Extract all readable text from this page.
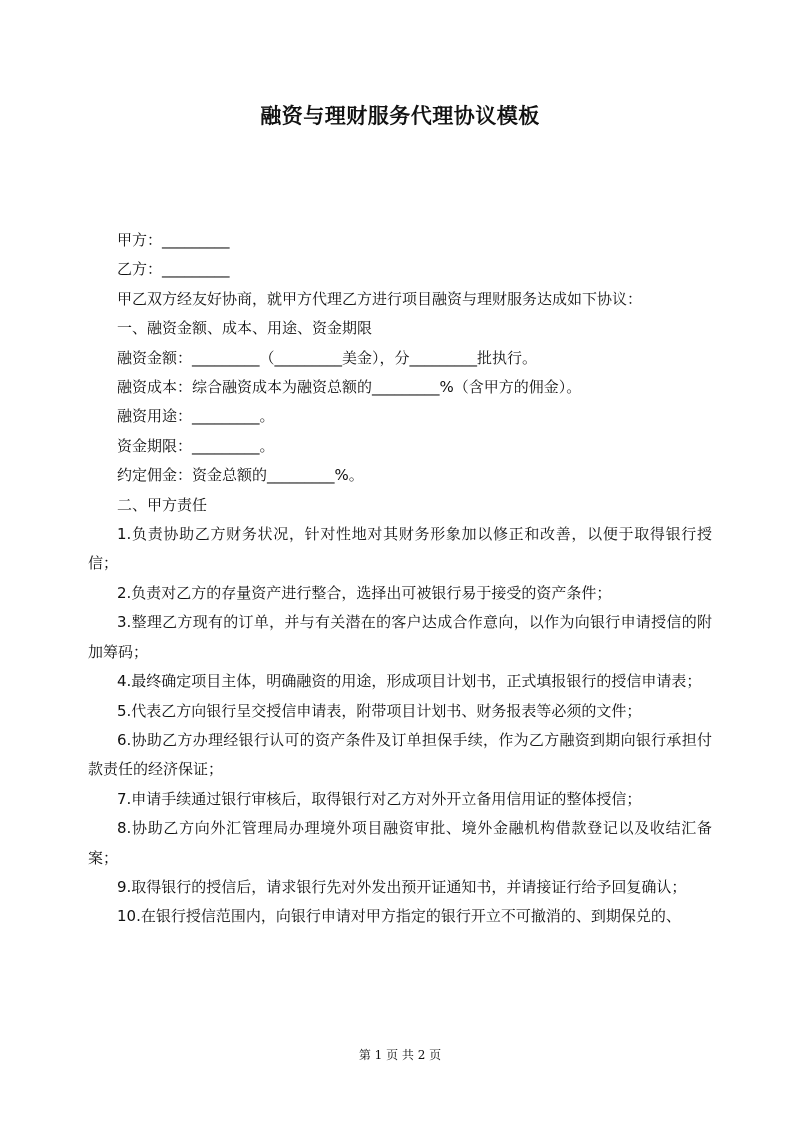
融资与理财服务代理协议模板

甲方：_________

乙方：_________

甲乙双方经友好协商，就甲方代理乙方进行项目融资与理财服务达成如下协议：

一、融资金额、成本、用途、资金期限

融资金额：_________（_________美金），分_________批执行。

融资成本：综合融资成本为融资总额的_________%（含甲方的佣金）。

融资用途：_________。

资金期限：_________。

约定佣金：资金总额的_________%。

二、甲方责任

1.负责协助乙方财务状况，针对性地对其财务形象加以修正和改善，以便于取得银行授信；

2.负责对乙方的存量资产进行整合，选择出可被银行易于接受的资产条件；

3.整理乙方现有的订单，并与有关潜在的客户达成合作意向，以作为向银行申请授信的附加筹码；

4.最终确定项目主体，明确融资的用途，形成项目计划书，正式填报银行的授信申请表；

5.代表乙方向银行呈交授信申请表，附带项目计划书、财务报表等必须的文件；

6.协助乙方办理经银行认可的资产条件及订单担保手续，作为乙方融资到期向银行承担付款责任的经济保证；

7.申请手续通过银行审核后，取得银行对乙方对外开立备用信用证的整体授信；

8.协助乙方向外汇管理局办理境外项目融资审批、境外金融机构借款登记以及收结汇备案；

9.取得银行的授信后，请求银行先对外发出预开证通知书，并请接证行给予回复确认；

10.在银行授信范围内，向银行申请对甲方指定的银行开立不可撤消的、到期保兑的、

第 1 页 共 2 页
